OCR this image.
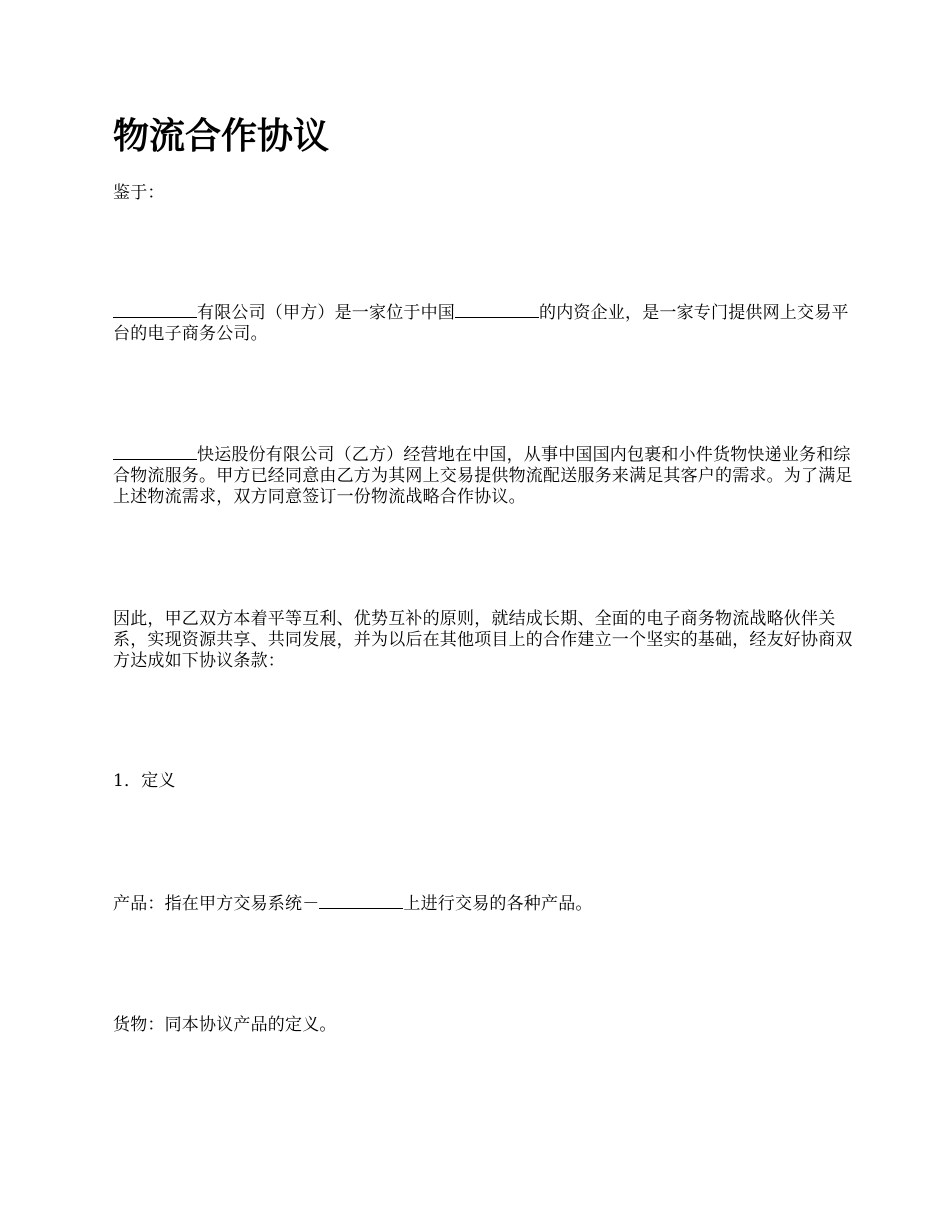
物流合作协议

鉴于：

有限公司（甲方）是一家位于中国	的内资企业，是一家专门提供网上交易平台的电子商务公司。

快运股份有限公司（乙方）经营地在中国，从事中国国内包裹和小件货物快递业务和综合物流服务。甲方已经同意由乙方为其网上交易提供物流配送服务来满足其客户的需求。为了满足上述物流需求，双方同意签订一份物流战略合作协议。

因此，甲乙双方本着平等互利、优势互补的原则，就结成长期、全面的电子商务物流战略伙伴关系，实现资源共享、共同发展，并为以后在其他项目上的合作建立一个坚实的基础，经友好协商双方达成如下协议条款：

1．定义

产品：指在甲方交易系统－	上进行交易的各种产品。

货物：同本协议产品的定义。
